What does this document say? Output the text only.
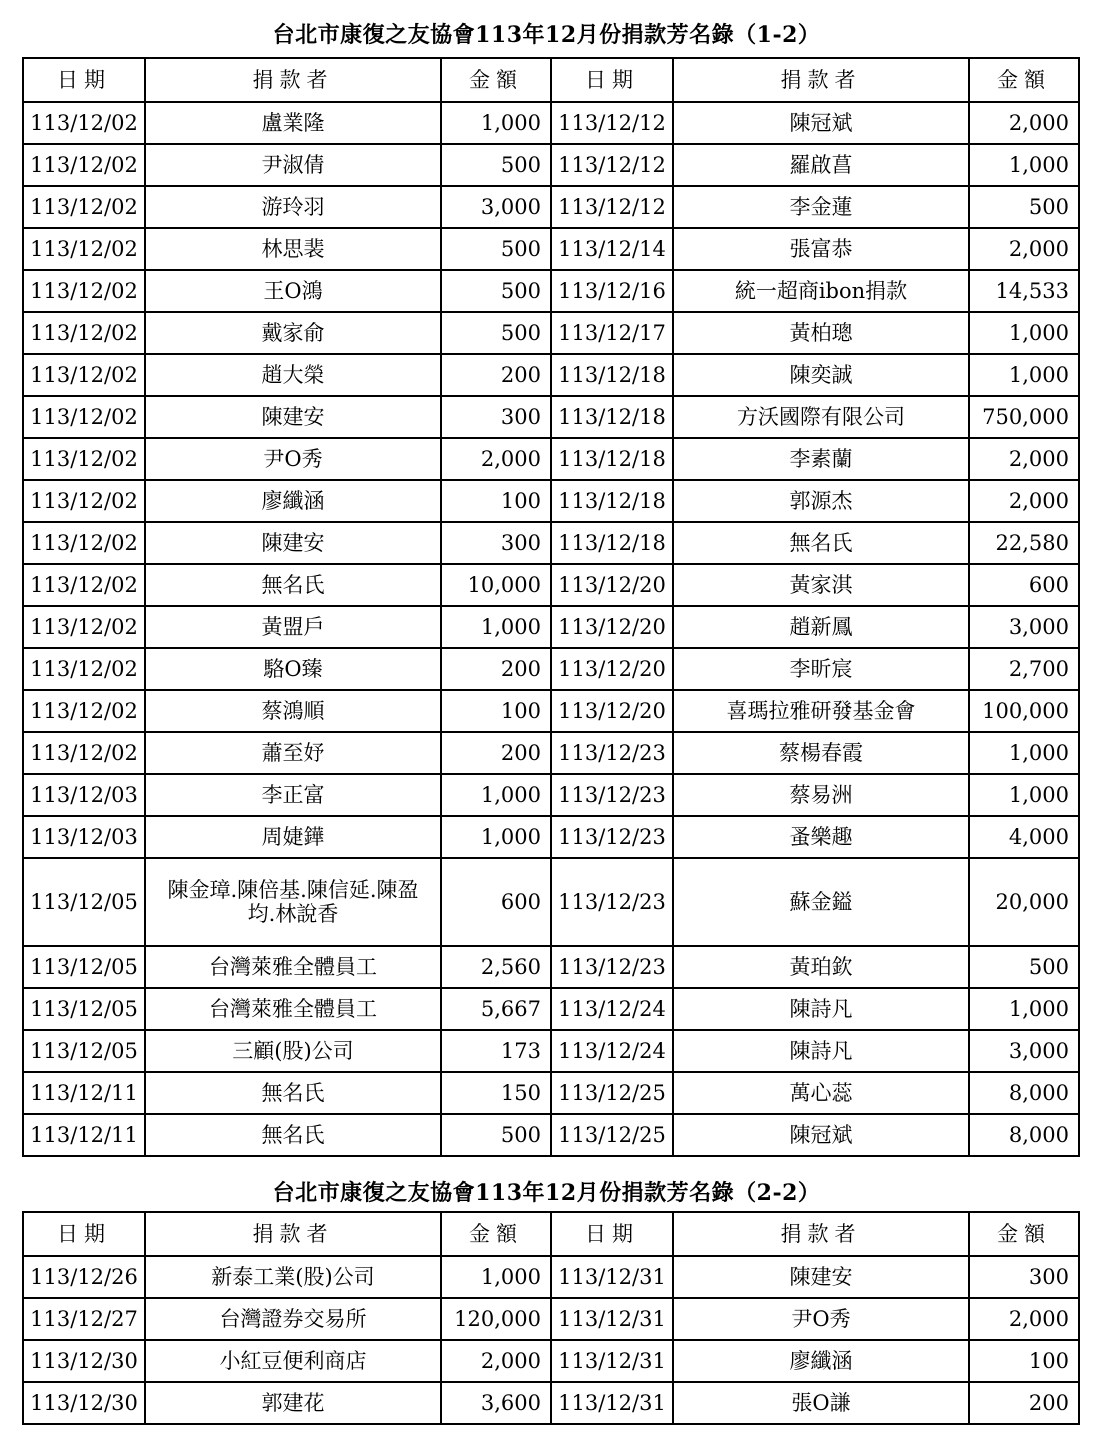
台北市康復之友協會113年12月份捐款芳名錄（1-2）
日期	捐款者	金額	日期	捐款者	金額
113/12/02	盧業隆	1,000	113/12/12	陳冠斌	2,000
113/12/02	尹淑倩	500	113/12/12	羅啟菖	1,000
113/12/02	游玲羽	3,000	113/12/12	李金蓮	500
113/12/02	林思裴	500	113/12/14	張富恭	2,000
113/12/02	王O鴻	500	113/12/16	統一超商ibon捐款	14,533
113/12/02	戴家俞	500	113/12/17	黃柏璁	1,000
113/12/02	趙大榮	200	113/12/18	陳奕誠	1,000
113/12/02	陳建安	300	113/12/18	方沃國際有限公司	750,000
113/12/02	尹O秀	2,000	113/12/18	李素蘭	2,000
113/12/02	廖纖涵	100	113/12/18	郭源杰	2,000
113/12/02	陳建安	300	113/12/18	無名氏	22,580
113/12/02	無名氏	10,000	113/12/20	黃家淇	600
113/12/02	黃盟戶	1,000	113/12/20	趙新鳳	3,000
113/12/02	駱O臻	200	113/12/20	李昕宸	2,700
113/12/02	蔡鴻順	100	113/12/20	喜瑪拉雅研發基金會	100,000
113/12/02	蕭至妤	200	113/12/23	蔡楊春霞	1,000
113/12/03	李正富	1,000	113/12/23	蔡易洲	1,000
113/12/03	周婕鏵	1,000	113/12/23	蚤樂趣	4,000
113/12/05	陳金璋.陳倍基.陳信延.陳盈均.林說香	600	113/12/23	蘇金鎰	20,000
113/12/05	台灣萊雅全體員工	2,560	113/12/23	黃珀欽	500
113/12/05	台灣萊雅全體員工	5,667	113/12/24	陳詩凡	1,000
113/12/05	三顧(股)公司	173	113/12/24	陳詩凡	3,000
113/12/11	無名氏	150	113/12/25	萬心蕊	8,000
113/12/11	無名氏	500	113/12/25	陳冠斌	8,000
台北市康復之友協會113年12月份捐款芳名錄（2-2）
日期	捐款者	金額	日期	捐款者	金額
113/12/26	新泰工業(股)公司	1,000	113/12/31	陳建安	300
113/12/27	台灣證券交易所	120,000	113/12/31	尹O秀	2,000
113/12/30	小紅豆便利商店	2,000	113/12/31	廖纖涵	100
113/12/30	郭建花	3,600	113/12/31	張O謙	200
